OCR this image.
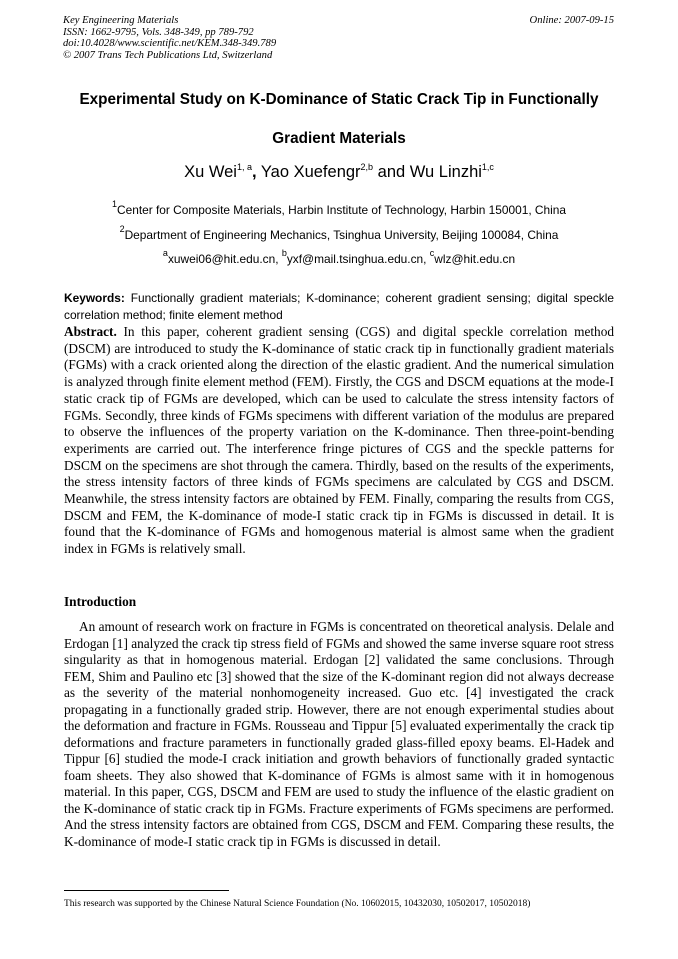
Key Engineering Materials
ISSN: 1662-9795, Vols. 348-349, pp 789-792
doi:10.4028/www.scientific.net/KEM.348-349.789
© 2007 Trans Tech Publications Ltd, Switzerland
Online: 2007-09-15
Experimental Study on K-Dominance of Static Crack Tip in Functionally
Gradient Materials
Xu Wei$^{1, a}$, Yao Xuefengr$^{2,b}$ and Wu Linzhi$^{1,c}$
$^1$Center for Composite Materials, Harbin Institute of Technology, Harbin 150001, China
$^2$Department of Engineering Mechanics, Tsinghua University, Beijing 100084, China
$^a$xuwei06@hit.edu.cn, $^b$yxf@mail.tsinghua.edu.cn, $^c$wlz@hit.edu.cn
Keywords: Functionally gradient materials; K-dominance; coherent gradient sensing; digital speckle correlation method; finite element method
Abstract. In this paper, coherent gradient sensing (CGS) and digital speckle correlation method (DSCM) are introduced to study the K-dominance of static crack tip in functionally gradient materials (FGMs) with a crack oriented along the direction of the elastic gradient. And the numerical simulation is analyzed through finite element method (FEM). Firstly, the CGS and DSCM equations at the mode-I static crack tip of FGMs are developed, which can be used to calculate the stress intensity factors of FGMs. Secondly, three kinds of FGMs specimens with different variation of the modulus are prepared to observe the influences of the property variation on the K-dominance. Then three-point-bending experiments are carried out. The interference fringe pictures of CGS and the speckle patterns for DSCM on the specimens are shot through the camera. Thirdly, based on the results of the experiments, the stress intensity factors of three kinds of FGMs specimens are calculated by CGS and DSCM. Meanwhile, the stress intensity factors are obtained by FEM. Finally, comparing the results from CGS, DSCM and FEM, the K-dominance of mode-I static crack tip in FGMs is discussed in detail. It is found that the K-dominance of FGMs and homogenous material is almost same when the gradient index in FGMs is relatively small.
Introduction
An amount of research work on fracture in FGMs is concentrated on theoretical analysis. Delale and Erdogan [1] analyzed the crack tip stress field of FGMs and showed the same inverse square root stress singularity as that in homogenous material. Erdogan [2] validated the same conclusions. Through FEM, Shim and Paulino etc [3] showed that the size of the K-dominant region did not always decrease as the severity of the material nonhomogeneity increased. Guo etc. [4] investigated the crack propagating in a functionally graded strip. However, there are not enough experimental studies about the deformation and fracture in FGMs. Rousseau and Tippur [5] evaluated experimentally the crack tip deformations and fracture parameters in functionally graded glass-filled epoxy beams. El-Hadek and Tippur [6] studied the mode-I crack initiation and growth behaviors of functionally graded syntactic foam sheets. They also showed that K-dominance of FGMs is almost same with it in homogenous material. In this paper, CGS, DSCM and FEM are used to study the influence of the elastic gradient on the K-dominance of static crack tip in FGMs. Fracture experiments of FGMs specimens are performed. And the stress intensity factors are obtained from CGS, DSCM and FEM. Comparing these results, the K-dominance of mode-I static crack tip in FGMs is discussed in detail.
This research was supported by the Chinese Natural Science Foundation (No. 10602015, 10432030, 10502017, 10502018)
